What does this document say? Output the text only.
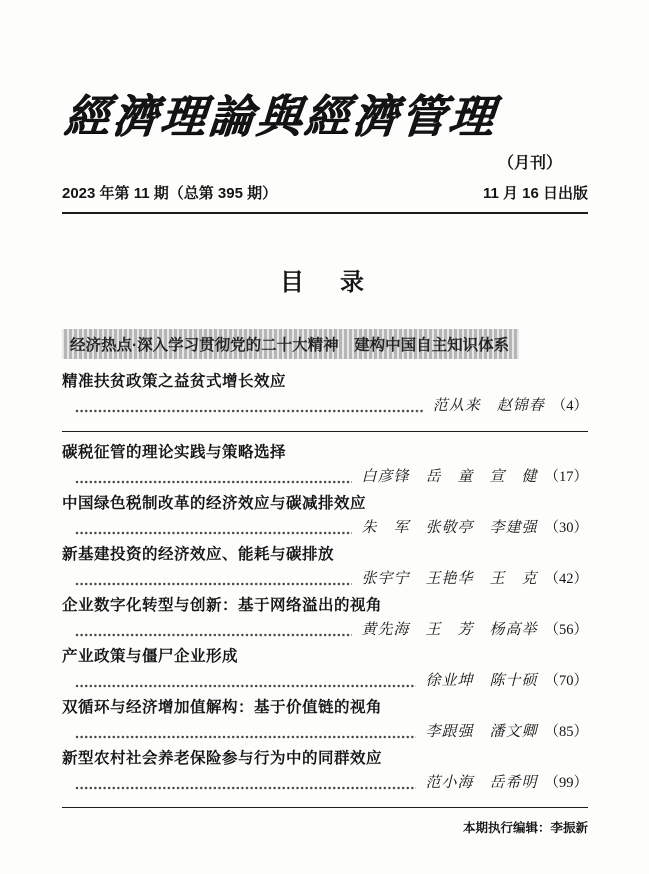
經濟理論與經濟管理
（月刊）
2023 年第 11 期（总第 395 期）	11 月 16 日出版
目　录
经济热点·深入学习贯彻党的二十大精神　建构中国自主知识体系
精准扶贫政策之益贫式增长效应
范从来　赵锦春 （4）
碳税征管的理论实践与策略选择
白彦锋　岳　童　宣　健 （17）
中国绿色税制改革的经济效应与碳减排效应
朱　军　张敬亭　李建强 （30）
新基建投资的经济效应、能耗与碳排放
张宇宁　王艳华　王　克 （42）
企业数字化转型与创新：基于网络溢出的视角
黄先海　王　芳　杨高举 （56）
产业政策与僵尸企业形成
徐业坤　陈十硕 （70）
双循环与经济增加值解构：基于价值链的视角
李跟强　潘文卿 （85）
新型农村社会养老保险参与行为中的同群效应
范小海　岳希明 （99）
本期执行编辑：李振新
